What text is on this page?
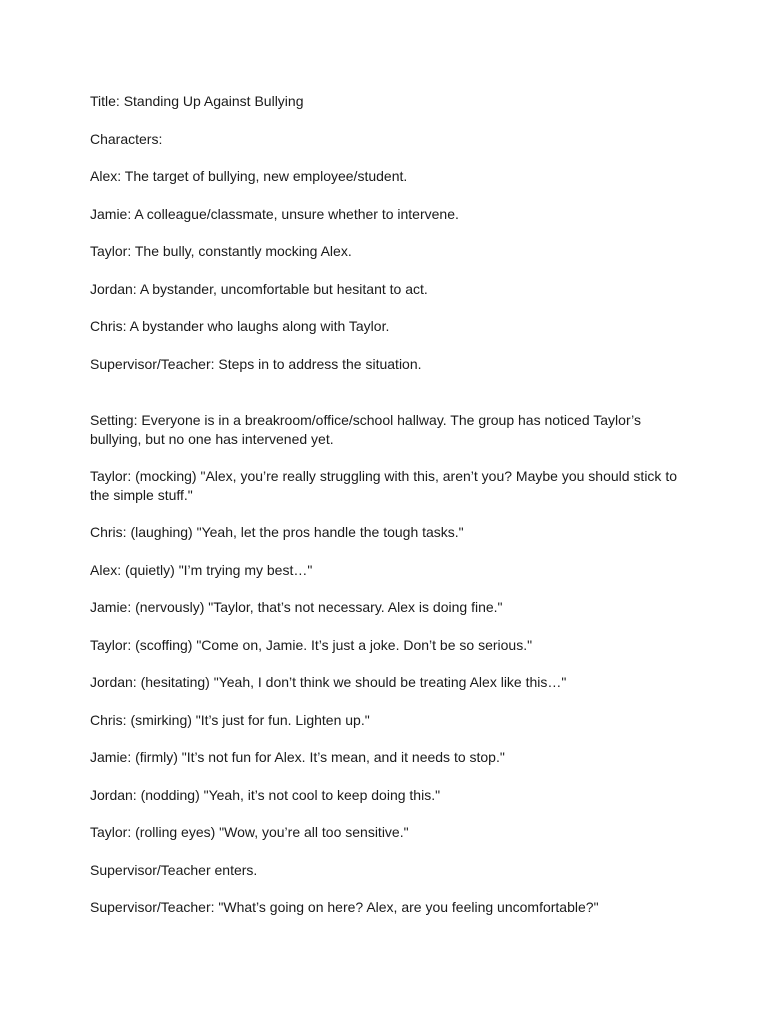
Title: Standing Up Against Bullying
Characters:
Alex: The target of bullying, new employee/student.
Jamie: A colleague/classmate, unsure whether to intervene.
Taylor: The bully, constantly mocking Alex.
Jordan: A bystander, uncomfortable but hesitant to act.
Chris: A bystander who laughs along with Taylor.
Supervisor/Teacher: Steps in to address the situation.
Setting: Everyone is in a breakroom/office/school hallway. The group has noticed Taylor’s bullying, but no one has intervened yet.
Taylor: (mocking) "Alex, you’re really struggling with this, aren’t you? Maybe you should stick to the simple stuff."
Chris: (laughing) "Yeah, let the pros handle the tough tasks."
Alex: (quietly) "I’m trying my best…"
Jamie: (nervously) "Taylor, that’s not necessary. Alex is doing fine."
Taylor: (scoffing) "Come on, Jamie. It’s just a joke. Don’t be so serious."
Jordan: (hesitating) "Yeah, I don’t think we should be treating Alex like this…"
Chris: (smirking) "It’s just for fun. Lighten up."
Jamie: (firmly) "It’s not fun for Alex. It’s mean, and it needs to stop."
Jordan: (nodding) "Yeah, it’s not cool to keep doing this."
Taylor: (rolling eyes) "Wow, you’re all too sensitive."
Supervisor/Teacher enters.
Supervisor/Teacher: "What’s going on here? Alex, are you feeling uncomfortable?"
